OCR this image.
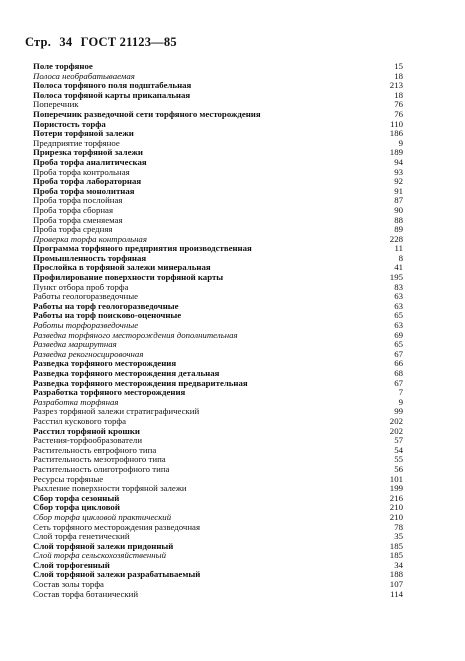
Стр. 34 ГОСТ 21123—85
Поле торфяное	15
Полоса необрабатываемая	18
Полоса торфяного поля подштабельная	213
Полоса торфяной карты прикапальная	18
Поперечник	76
Поперечник разведочной сети торфяного месторождения	76
Пористость торфа	110
Потери торфяной залежи	186
Предприятие торфяное	9
Прирезка торфяной залежи	189
Проба торфа аналитическая	94
Проба торфа контрольная	93
Проба торфа лабораторная	92
Проба торфа монолитная	91
Проба торфа послойная	87
Проба торфа сборная	90
Проба торфа сменяемая	88
Проба торфа средняя	89
Проверка торфа контрольная	228
Программа торфяного предприятия производственная	11
Промышленность торфяная	8
Прослойка в торфяной залежи минеральная	41
Профилирование поверхности торфяной карты	195
Пункт отбора проб торфа	83
Работы геологоразведочные	63
Работы на торф геологоразведочные	63
Работы на торф поисково-оценочные	65
Работы торфоразведочные	63
Разведка торфяного месторождения дополнительная	69
Разведка маршрутная	65
Разведка рекогносцировочная	67
Разведка торфяного месторождения	66
Разведка торфяного месторождения детальная	68
Разведка торфяного месторождения предварительная	67
Разработка торфяного месторождения	7
Разработка торфяная	9
Разрез торфяной залежи стратиграфический	99
Расстил кускового торфа	202
Расстил торфяной крошки	202
Растения-торфообразователи	57
Растительность евтрофного типа	54
Растительность мезотрофного типа	55
Растительность олиготрофного типа	56
Ресурсы торфяные	101
Рыхление поверхности торфяной залежи	199
Сбор торфа сезонный	216
Сбор торфа цикловой	210
Сбор торфа цикловой практический	210
Сеть торфяного месторождения разведочная	78
Слой торфа генетический	35
Слой торфяной залежи придонный	185
Слой торфа сельскохозяйственный	185
Слой торфогенный	34
Слой торфяной залежи разрабатываемый	188
Состав золы торфа	107
Состав торфа ботанический	114
